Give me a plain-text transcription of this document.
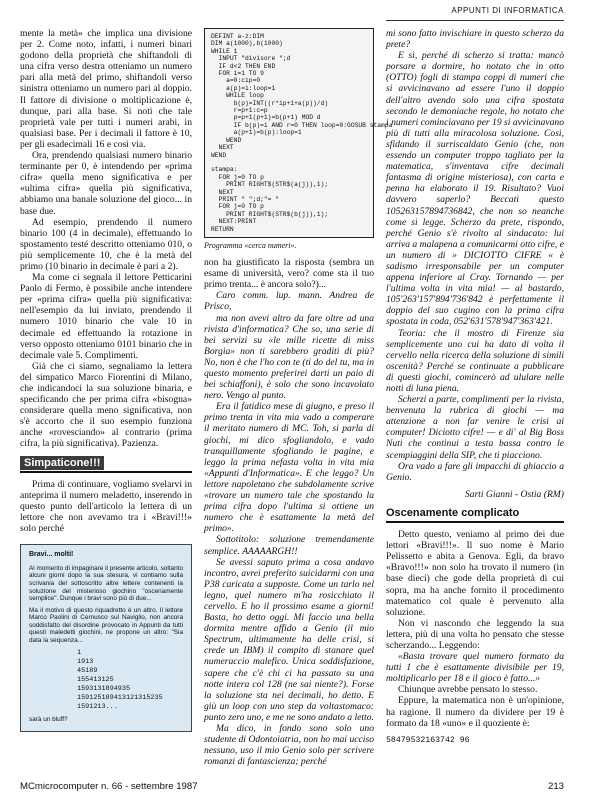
APPUNTI DI INFORMATICA

mente la metà» che implica una divisione per 2. Come noto, infatti, i numeri binari godono della proprietà che shiftandoli di una cifra verso destra otteniamo un numero pari alla metà del primo, shiftandoli verso sinistra otteniamo un numero pari al doppio. Il fattore di divisione o moltiplicazione è, dunque, pari alla base. Si noti che tale proprietà vale per tutti i numeri arabi, in qualsiasi base. Per i decimali il fattore è 10, per gli esadecimali 16 e così via.

Ora, prendendo qualsiasi numero binario terminante per 0, è intendendo per «prima cifra» quella meno significativa e per «ultima cifra» quella più significativa, abbiamo una banale soluzione del gioco... in base due.

Ad esempio, prendendo il numero binario 100 (4 in decimale), effettuando lo spostamento testé descritto otteniamo 010, o più semplicemente 10, che è la metà del primo (10 binario in decimale è pari a 2).

Ma come ci segnala il lettore Petticarini Paolo di Fermo, è possibile anche intendere per «prima cifra» quella più significativa: nell'esempio da lui inviato, prendendo il numero 1010 binario che vale 10 in decimale ed effettuando la rotazione in verso opposto otteniamo 0101 binario che in decimale vale 5. Complimenti.

Già che ci siamo, segnaliamo la lettera del simpatico Marco Fiorentini di Milano, che indicandoci la sua soluzione binaria, e specificando che per prima cifra «bisogna» considerare quella meno significativa, non s'è accorto che il suo esempio funziona anche «rovesciando» al contrario (prima cifra, la più significativa). Pazienza.

Simpaticone!!!

Prima di continuare, vogliamo svelarvi in anteprima il numero meladetto, inserendo in questo punto dell'articolo la lettera di un lettore che non avevamo tra i «Bravi!!!» solo perché

Bravi... molti!
Al momento di impaginare il presente articolo, soltanto alcuni giorni dopo la sua stesura, vi contiamo sulla scrivania del sottoscritto altre lettere contenenti la soluzione del misterioso giochino "oscenamente semplice". Dunque i bravi sono più di due...
Ma il motivo di questo riquadretto è un altro. Il lettore Marco Paolini di Cernusco sul Naviglio, non ancora soddisfatto del disordine provocato in Appunti da tutti questi maledetti giochini, ne propone un altro: "Sia data la sequenza...
1
1913
45189
155413125
1593131894935
159125189413121315235
1591213...
sarà un bluff?
DEFINT a-z:DIM
DIM a(1000),b(1000)
WHILE 1
INPUT "divisore ";d
IF d<2 THEN END
FOR i=1 TO 9
a=0:cip=0
a(p)=i:loop=1
WHILE loop
b(p)=INT((r*ip+1+a(p))/d)
r=p+1:c=p
p=p+1(p+1)=b(p+1) MOD d
IF b(p)=i AND r=0 THEN loop=0:GOSUB stampa
a(p+1)=b(p):loop=1
WEND
NEXT
WEND

stampa:
FOR j=0 TO p
PRINT RIGHT$(STR$(a(j)),1);
NEXT
PRINT " ";d;"= "
FOR j=0 TO p
PRINT RIGHT$(STR$(b(j)),1);
NEXT:PRINT
RETURN
Programma «cerca numeri».

non ha giustificato la risposta (sembra un esame di università, vero? come sta il tuo primo trenta... è ancora solo?)...

Caro comm. lup. mann. Andrea de Prisco,

ma non avevi altro da fare oltre ad una rivista d'informatica? Che so, una serie di bei servizi su «le mille ricette di miss Borgia» non ti sarebbero graditi di più? No, non è che l'ho con te (ti do del tu, ma in questo momento preferirei darti un paio di bei schiaffoni), è solo che sono incavolato nero. Vengo al punto.

Era il fatidico mese di giugno, e preso il primo trenta in vita mia vado a comperare il meritato numero di MC. Toh, si parla di giochi, mi dico sfogliandolo, e vado tranquillamente sfogliando le pagine, e leggo la prima nefasta volta in vita mia «Appunti d'Informatica». E che leggo? Un lettore napoletano che subdolamente scrive «trovare un numero tale che spostando la prima cifra dopo l'ultima si ottiene un numero che è esattamente la metà del primo».

Sottotitolo: soluzione tremendamente semplice. AAAAARGH!!

Se avessi saputo prima a cosa andavo incontro, avrei preferito suicidarmi con una P38 caricata a supposte. Come un tarlo nel legno, quel numero m'ha rosicchiato il cervello. E ho il prossimo esame a giorni! Basta, ho detto oggi. Mi faccio una bella dormita mentre affido a Genio (il mio Spectrum, ultimamente ha delle crisi, si crede un IBM) il compito di stanare quel numeraccio malefico. Unica soddisfazione, sapere che c'è chi ci ha passato su una notte intera col 128 (ne sai niente?). Forse la soluzione sta nei decimali, ho detto. E giù un loop con uno step da voltastomaco: punto zero uno, e me ne sono andato a letto.

Ma dico, in fondo sono solo uno studente di Odontoiatria, non ho mai ucciso nessuno, uso il mio Genio solo per scrivere romanzi di fantascienza; perché

mi sono fatto invischiare in questo scherzo da prete?

E sì, perché di scherzo si tratta: mancò porsare a dormire, ho notato che in otto (OTTO) fogli di stampa coppi di numeri che si avvicinavano ad essere l'uno il doppio dell'altro avendo solo una cifra spostata secondo le demoniache regole, ho notato che i numeri cominciavano per 19 si avvicinavano più di tutti alla miracolosa soluzione. Così, sfidando il surriscaldato Genio (che, non essendo un computer troppo tagliato per la matematica, s'inventava cifre decimali fantasma di origine misteriosa), con carta e penna ha elaborato il 19. Risultato? Vuoi davvero saperlo? Beccati questo 105263157894736842, che non so neanche come si legge. Scherzo da prete, rispondo, perché Genio s'è rivolto al sindacato: lui arriva a malapena a comunicarmi otto cifre, e un numero di » DICIOTTO CIFRE « è sadismo irresponsabile per un computer appena inferiore al Cray. Tornando — per l'ultima volta in vita mia! — al bastardo, 105'263'157'894'736'842 è perfettamente il doppio del suo cugino con la prima cifra spostata in coda, 052'631'578'947'363'421.

Teoria: che il mostro di Firenze sia semplicemente uno cui ha dato di volta il cervello nella ricerca della soluzione di simili oscenità? Perché se continuate a pubblicare di questi giochi, comincerò ad ululare nelle notti di luna piena.

Scherzi a parte, complimenti per la rivista, benvenuta la rubrica di giochi — ma attenzione a non far venire le crisi ai computer! Diciotto cifre! — e di' al Big Boss Nuti che continui a testa bassa contro le scempiaggini della SIP, che ti piacciono.

Ora vado a fare gli impacchi di ghiaccio a Genio.

Sarti Gianni - Ostia (RM)

Oscenamente complicato

Detto questo, veniamo al primo dei due lettori «Bravi!!!». Il suo nome è Mario Pelissetto e abita a Genova. Egli, da bravo «Bravo!!!» non solo ha trovato il numero (in base dieci) che gode della proprietà di cui sopra, ma ha anche fornito il procedimento matematico col quale è pervenuto alla soluzione.

Non vi nascondo che leggendo la sua lettera, più di una volta ho pensato che stesse scherzando... Leggendo:

«Basta trovare quel numero formato da tutti 1 che è esattamente divisibile per 19, moltiplicarlo per 18 e il gioco è fatto...»

Chiunque avrebbe pensato lo stesso.

Eppure, la matematica non è un'opinione, ha ragione. Il numero da dividere per 19 è formato da 18 «uno» e il quoziente è:

58479532163742 96
MCmicrocomputer n. 66 - settembre 1987	213
